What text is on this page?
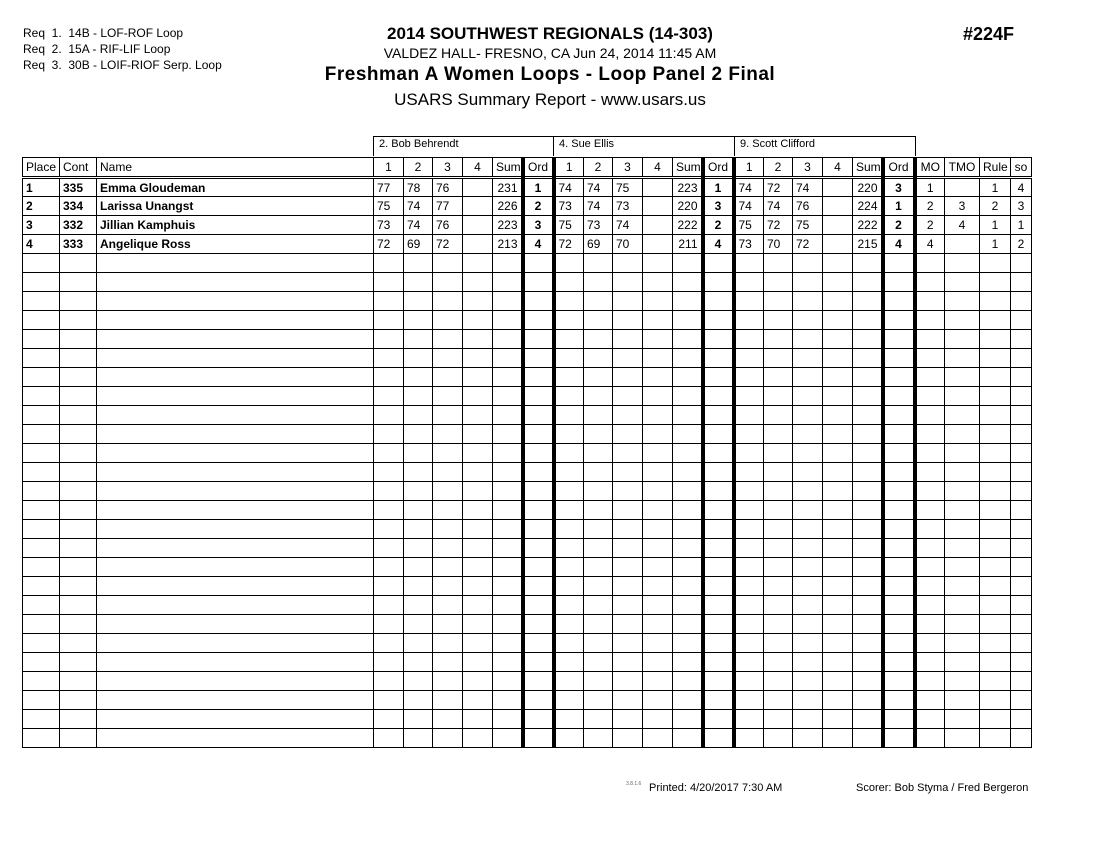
Req  1.  14B - LOF-ROF Loop
Req  2.  15A - RIF-LIF Loop
Req  3.  30B - LOIF-RIOF Serp. Loop
2014 SOUTHWEST REGIONALS (14-303)
VALDEZ HALL- FRESNO, CA Jun 24, 2014 11:45 AM
Freshman A Women Loops - Loop Panel 2 Final
USARS Summary Report - www.usars.us
#224F
2. Bob Behrendt	4. Sue Ellis	9. Scott Clifford
Place	Cont	Name	1	2	3	4	Sum	Ord	1	2	3	4	Sum	Ord	1	2	3	4	Sum	Ord	MO	TMO	Rule	so
1	335	Emma Gloudeman	77	78	76		231	1	74	74	75		223	1	74	72	74		220	3	1		1	4
2	334	Larissa Unangst	75	74	77		226	2	73	74	73		220	3	74	74	76		224	1	2	3	2	3
3	332	Jillian Kamphuis	73	74	76		223	3	75	73	74		222	2	75	72	75		222	2	2	4	1	1
4	333	Angelique Ross	72	69	72		213	4	72	69	70		211	4	73	70	72		215	4	4		1	2

3.8.1.6 Printed: 4/20/2017 7:30 AM	Scorer: Bob Styma / Fred Bergeron
